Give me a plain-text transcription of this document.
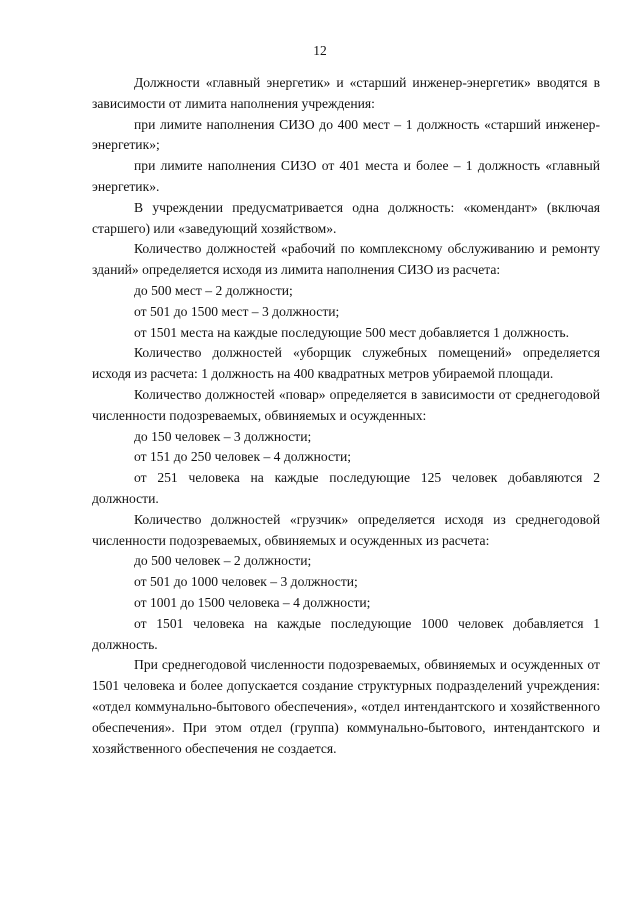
12

Должности «главный энергетик» и «старший инженер-энергетик» вводятся в зависимости от лимита наполнения учреждения:

при лимите наполнения СИЗО до 400 мест – 1 должность «старший инженер-энергетик»;

при лимите наполнения СИЗО от 401 места и более – 1 должность «главный энергетик».

В учреждении предусматривается одна должность: «комендант» (включая старшего) или «заведующий хозяйством».

Количество должностей «рабочий по комплексному обслуживанию и ремонту зданий» определяется исходя из лимита наполнения СИЗО из расчета:

до 500 мест – 2 должности;

от 501 до 1500 мест – 3 должности;

от 1501 места на каждые последующие 500 мест добавляется 1 должность.

Количество должностей «уборщик служебных помещений» определяется исходя из расчета: 1 должность на 400 квадратных метров убираемой площади.

Количество должностей «повар» определяется в зависимости от среднегодовой численности подозреваемых, обвиняемых и осужденных:

до 150 человек – 3 должности;

от 151 до 250 человек – 4 должности;

от 251 человека на каждые последующие 125 человек добавляются 2 должности.

Количество должностей «грузчик» определяется исходя из среднегодовой численности подозреваемых, обвиняемых и осужденных из расчета:

до 500 человек – 2 должности;

от 501 до 1000 человек – 3 должности;

от 1001 до 1500 человека – 4 должности;

от 1501 человека на каждые последующие 1000 человек добавляется 1 должность.

При среднегодовой численности подозреваемых, обвиняемых и осужденных от 1501 человека и более допускается создание структурных подразделений учреждения: «отдел коммунально-бытового обеспечения», «отдел интендантского и хозяйственного обеспечения». При этом отдел (группа) коммунально-бытового, интендантского и хозяйственного обеспечения не создается.
